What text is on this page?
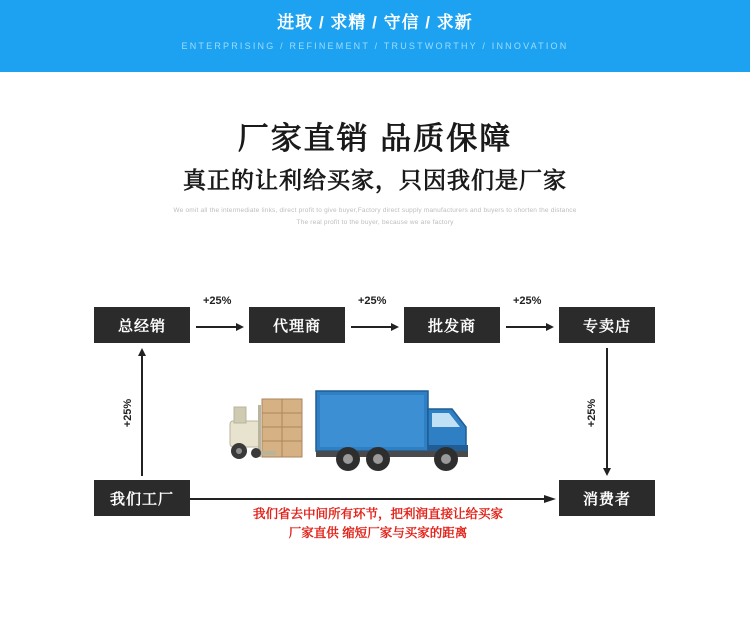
进取 / 求精 / 守信 / 求新
ENTERPRISING / REFINEMENT / TRUSTWORTHY / INNOVATION
厂家直销 品质保障
真正的让利给买家，只因我们是厂家
We omit all the intermediate links, direct profit to give buyer,Factory direct supply manufacturers and buyers to shorten the distance
The real profit to the buyer, because we are factory
总经销	代理商	批发商	专卖店
我们工厂	消费者
+25%	+25%	+25%
+25%	+25%
我们省去中间所有环节，把利润直接让给买家
厂家直供 缩短厂家与买家的距离
